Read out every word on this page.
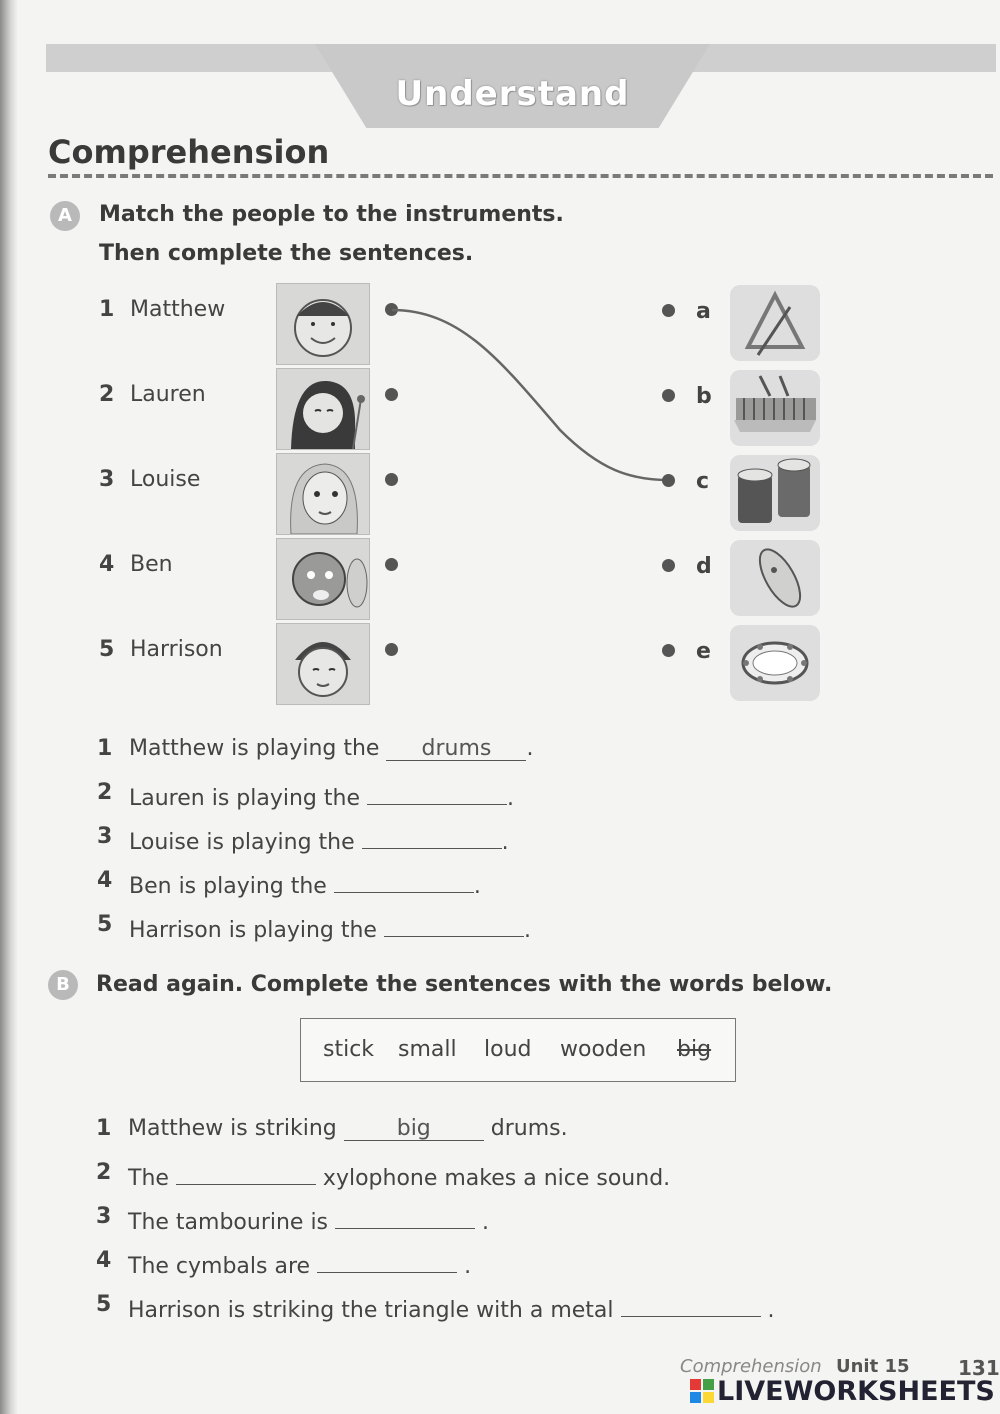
Understand
Comprehension
A	Match the people to the instruments.
Then complete the sentences.
1 Matthew
2 Lauren
3 Louise
4 Ben
5 Harrison
a
b
c
d
e
1 Matthew is playing the drums .
2 Lauren is playing the	.
3 Louise is playing the	.
4 Ben is playing the	.
5 Harrison is playing the	.
B	Read again. Complete the sentences with the words below.
stick small loud wooden big
1 Matthew is striking	big	drums.
2 The	xylophone makes a nice sound.
3 The tambourine is	.
4 The cymbals are	.
5 Harrison is striking the triangle with a metal	.
Comprehension Unit 15 131
LIVEWORKSHEETS
